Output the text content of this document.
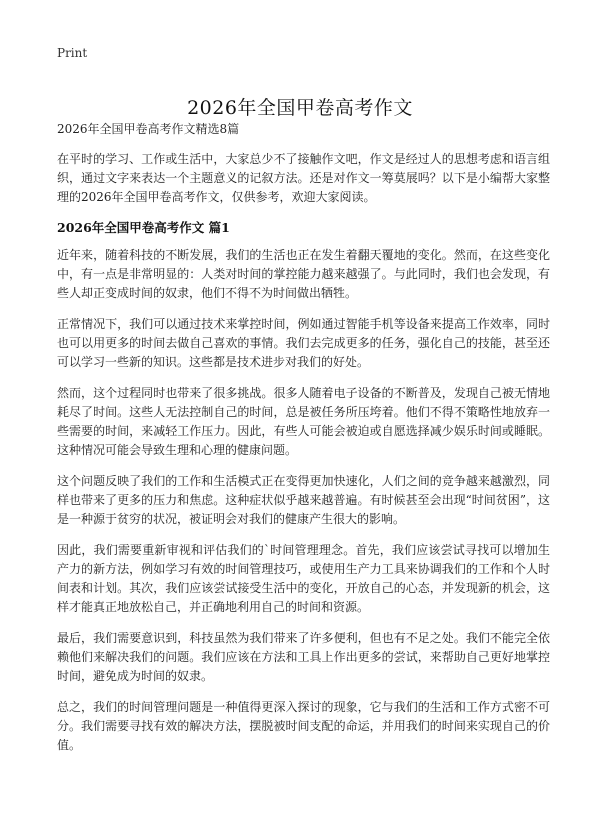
Print
2026年全国甲卷高考作文
2026年全国甲卷高考作文精选8篇

在平时的学习、工作或生活中，大家总少不了接触作文吧，作文是经过人的思想考虑和语言组织，通过文字来表达一个主题意义的记叙方法。还是对作文一筹莫展吗？以下是小编帮大家整理的2026年全国甲卷高考作文，仅供参考，欢迎大家阅读。

2026年全国甲卷高考作文 篇1

近年来，随着科技的不断发展，我们的生活也正在发生着翻天覆地的变化。然而，在这些变化中，有一点是非常明显的：人类对时间的掌控能力越来越强了。与此同时，我们也会发现，有些人却正变成时间的奴隶，他们不得不为时间做出牺牲。

正常情况下，我们可以通过技术来掌控时间，例如通过智能手机等设备来提高工作效率，同时也可以用更多的时间去做自己喜欢的事情。我们去完成更多的任务，强化自己的技能，甚至还可以学习一些新的知识。这些都是技术进步对我们的好处。

然而，这个过程同时也带来了很多挑战。很多人随着电子设备的不断普及，发现自己被无情地耗尽了时间。这些人无法控制自己的时间，总是被任务所压垮着。他们不得不策略性地放弃一些需要的时间，来减轻工作压力。因此，有些人可能会被迫或自愿选择减少娱乐时间或睡眠。这种情况可能会导致生理和心理的健康问题。

这个问题反映了我们的工作和生活模式正在变得更加快速化，人们之间的竞争越来越激烈，同样也带来了更多的压力和焦虑。这种症状似乎越来越普遍。有时候甚至会出现“时间贫困”，这是一种源于贫穷的状况，被证明会对我们的健康产生很大的影响。

因此，我们需要重新审视和评估我们的`时间管理理念。首先，我们应该尝试寻找可以增加生产力的新方法，例如学习有效的时间管理技巧，或使用生产力工具来协调我们的工作和个人时间表和计划。其次，我们应该尝试接受生活中的变化，开放自己的心态，并发现新的机会，这样才能真正地放松自己，并正确地利用自己的时间和资源。

最后，我们需要意识到，科技虽然为我们带来了许多便利，但也有不足之处。我们不能完全依赖他们来解决我们的问题。我们应该在方法和工具上作出更多的尝试，来帮助自己更好地掌控时间，避免成为时间的奴隶。

总之，我们的时间管理问题是一种值得更深入探讨的现象，它与我们的生活和工作方式密不可分。我们需要寻找有效的解决方法，摆脱被时间支配的命运，并用我们的时间来实现自己的价值。
